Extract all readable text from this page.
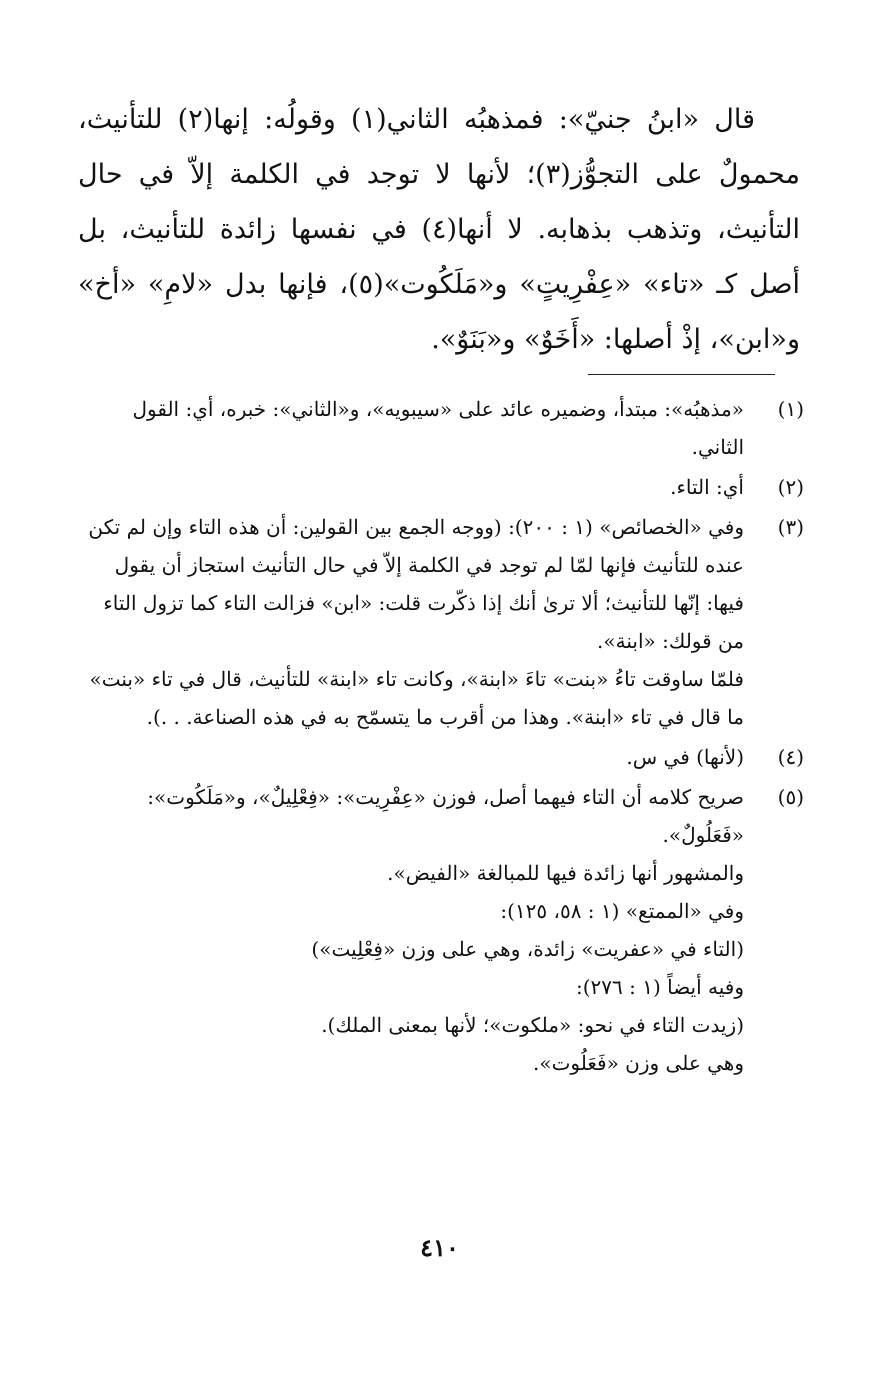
قال «ابنُ جنيّ»: فمذهبُه الثاني(١) وقولُه: إنها(٢) للتأنيث، محمولٌ على التجوُّز(٣)؛ لأنها لا توجد في الكلمة إلاّ في حال التأنيث، وتذهب بذهابه. لا أنها(٤) في نفسها زائدة للتأنيث، بل أصل كـ «تاء» «عِفْرِيتٍ» و«مَلَكُوت»(٥)، فإنها بدل «لامِ» «أخ» و«ابن»، إذْ أصلها: «أَخَوٌ» و«بَنَوٌ».

(١)

«مذهبُه»: مبتدأ، وضميره عائد على «سيبويه»، و«الثاني»: خبره، أي: القول الثاني.

(٢)

أي: التاء.

(٣)

وفي «الخصائص» (١ : ٢٠٠): (ووجه الجمع بين القولين: أن هذه التاء وإن لم تكن عنده للتأنيث فإنها لمّا لم توجد في الكلمة إلاّ في حال التأنيث استجاز أن يقول فيها: إنّها للتأنيث؛ ألا ترىٰ أنك إذا ذكّرت قلت: «ابن» فزالت التاء كما تزول التاء من قولك: «ابنة».

فلمّا ساوقت تاءُ «بنت» تاءَ «ابنة»، وكانت تاء «ابنة» للتأنيث، قال في تاء «بنت» ما قال في تاء «ابنة». وهذا من أقرب ما يتسمّح به في هذه الصناعة. . .).

(٤)

(لأنها) في س.

(٥)

صريح كلامه أن التاء فيهما أصل، فوزن «عِفْرِيت»: «فِعْلِيلٌ»، و«مَلَكُوت»: «فَعَلُولٌ».

والمشهور أنها زائدة فيها للمبالغة «الفيض».

وفي «الممتع» (١ : ٥٨، ١٢٥):

(التاء في «عفريت» زائدة، وهي على وزن «فِعْلِيت»)

وفيه أيضاً (١ : ٢٧٦):

(زيدت التاء في نحو: «ملكوت»؛ لأنها بمعنى الملك).

وهي على وزن «فَعَلُوت».

٤١٠
